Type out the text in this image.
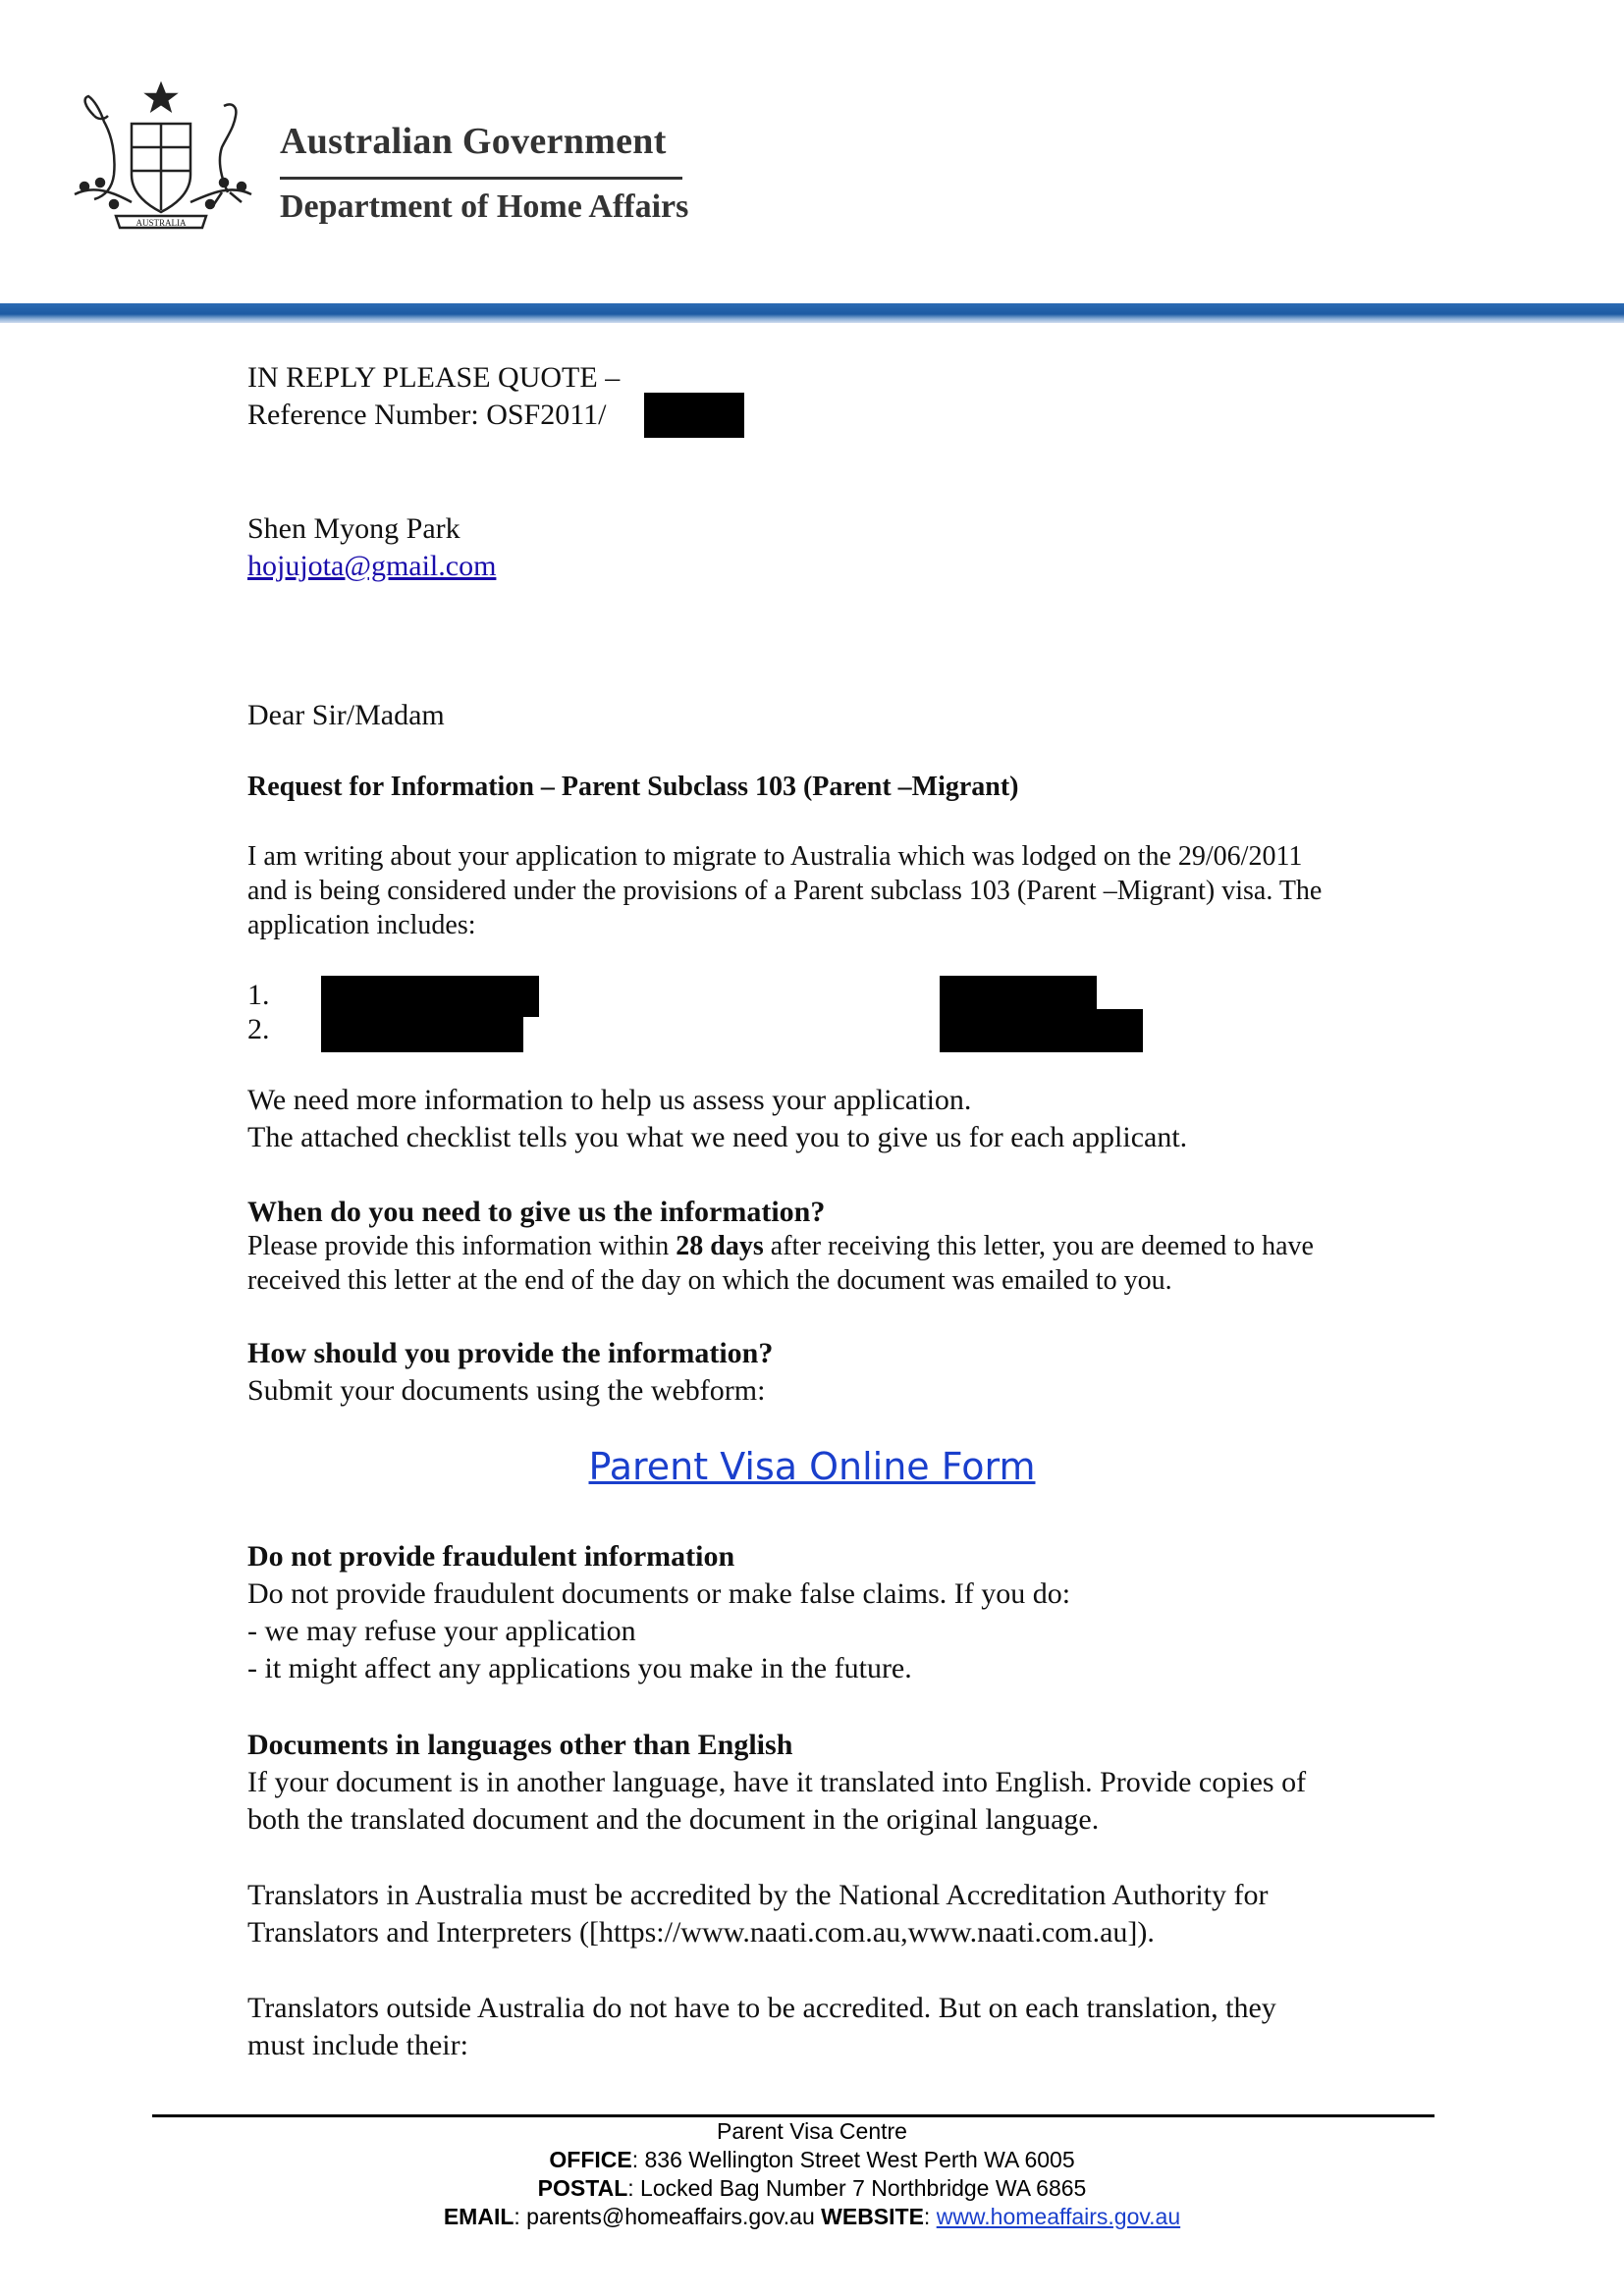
AUSTRALIA
Australian Government
Department of Home Affairs
IN REPLY PLEASE QUOTE –
Reference Number: OSF2011/
Shen Myong Park
hojujota@gmail.com
Dear Sir/Madam
Request for Information – Parent Subclass 103 (Parent –Migrant)
I am writing about your application to migrate to Australia which was lodged on the 29/06/2011
and is being considered under the provisions of a Parent subclass 103 (Parent –Migrant) visa. The
application includes:
1.
2.
We need more information to help us assess your application.
The attached checklist tells you what we need you to give us for each applicant.
When do you need to give us the information?
Please provide this information within 28 days after receiving this letter, you are deemed to have
received this letter at the end of the day on which the document was emailed to you.
How should you provide the information?
Submit your documents using the webform:
Parent Visa Online Form
Do not provide fraudulent information
Do not provide fraudulent documents or make false claims. If you do:
- we may refuse your application
- it might affect any applications you make in the future.
Documents in languages other than English
If your document is in another language, have it translated into English. Provide copies of
both the translated document and the document in the original language.
Translators in Australia must be accredited by the National Accreditation Authority for
Translators and Interpreters ([https://www.naati.com.au,www.naati.com.au]).
Translators outside Australia do not have to be accredited. But on each translation, they
must include their:
Parent Visa Centre
OFFICE: 836 Wellington Street West Perth WA 6005
POSTAL: Locked Bag Number 7 Northbridge WA 6865
EMAIL: parents@homeaffairs.gov.au WEBSITE: www.homeaffairs.gov.au
